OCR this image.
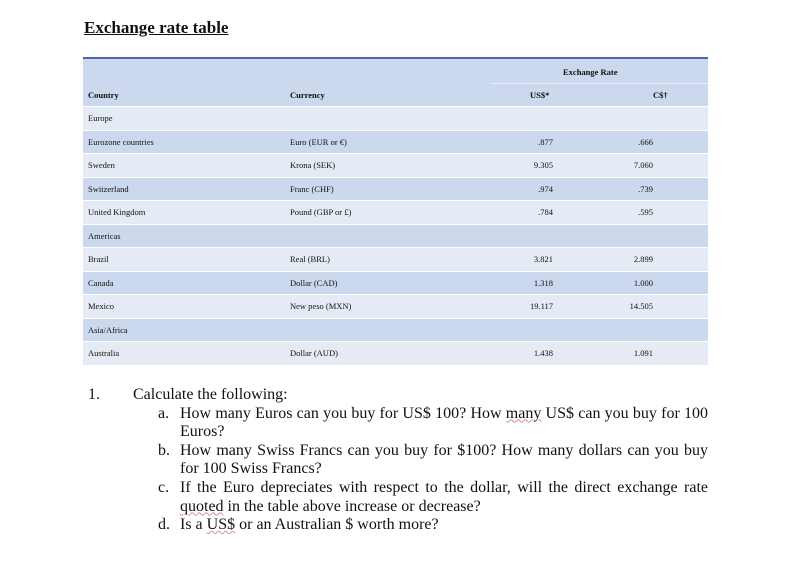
Exchange rate table
Exchange Rate
Country	Currency	US$*	C$†
Europe
Eurozone countries	Euro (EUR or €)	.877	.666
Sweden	Krona (SEK)	9.305	7.060
Switzerland	Franc (CHF)	.974	.739
United Kingdom	Pound (GBP or £)	.784	.595
Americas
Brazil	Real (BRL)	3.821	2.899
Canada	Dollar (CAD)	1.318	1.000
Mexico	New peso (MXN)	19.117	14.505
Asia/Africa
Australia	Dollar (AUD)	1.438	1.091
1. Calculate the following:
a. How many Euros can you buy for US$ 100? How many US$ can you buy for 100 Euros?
b. How many Swiss Francs can you buy for $100? How many dollars can you buy for 100 Swiss Francs?
c. If the Euro depreciates with respect to the dollar, will the direct exchange rate quoted in the table above increase or decrease?
d. Is a US$ or an Australian $ worth more?
